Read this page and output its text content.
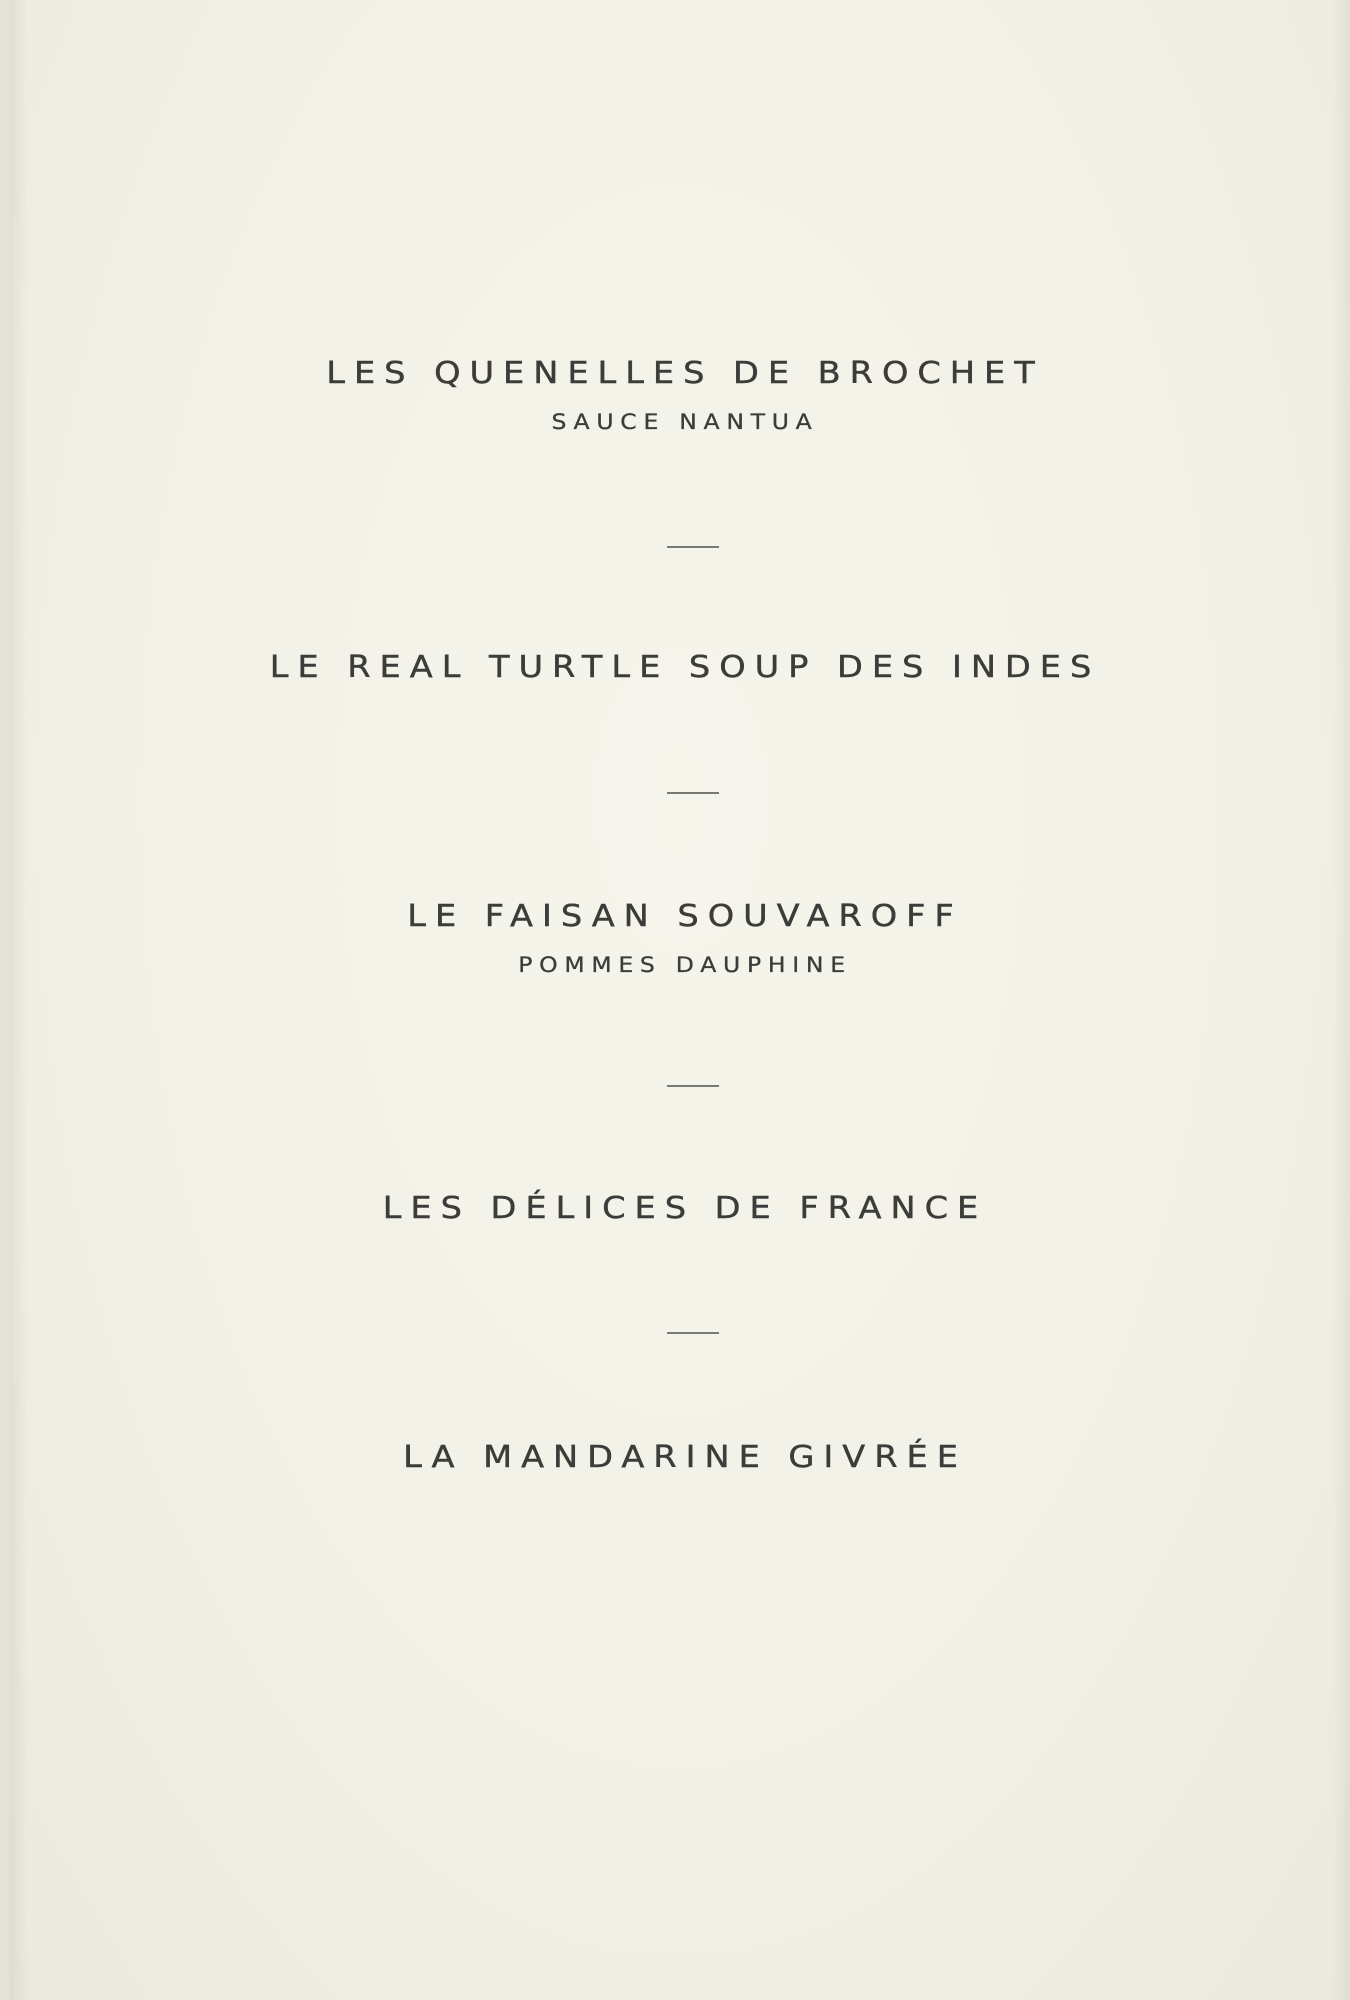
LES QUENELLES DE BROCHET
SAUCE NANTUA
LE REAL TURTLE SOUP DES INDES
LE FAISAN SOUVAROFF
POMMES DAUPHINE
LES DÉLICES DE FRANCE
LA MANDARINE GIVRÉE
